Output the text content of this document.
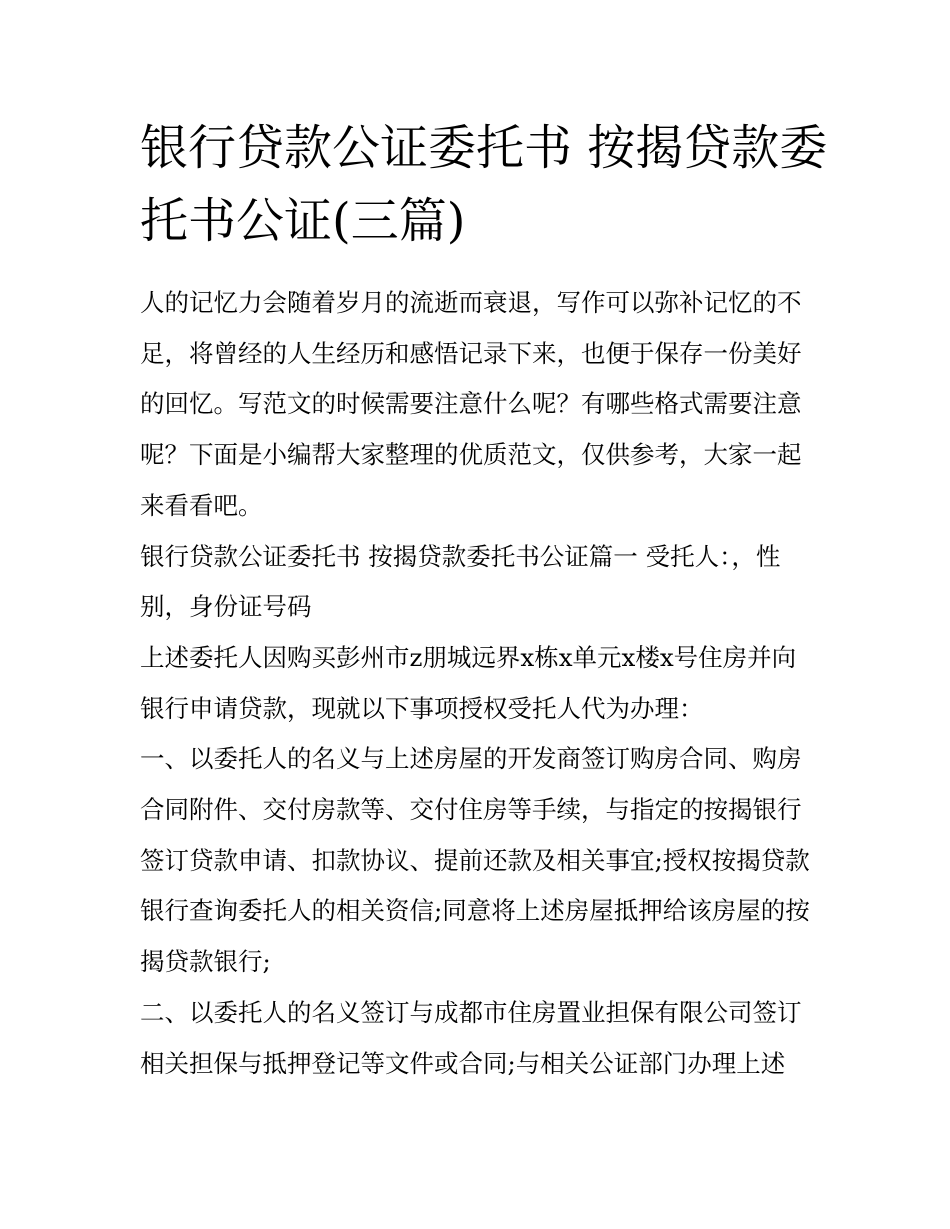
银行贷款公证委托书 按揭贷款委托书公证(三篇)

人的记忆力会随着岁月的流逝而衰退，写作可以弥补记忆的不足，将曾经的人生经历和感悟记录下来，也便于保存一份美好的回忆。写范文的时候需要注意什么呢？有哪些格式需要注意呢？下面是小编帮大家整理的优质范文，仅供参考，大家一起来看看吧。

银行贷款公证委托书 按揭贷款委托书公证篇一 受托人：，性别，身份证号码

上述委托人因购买彭州市z朋城远界x栋x单元x楼x号住房并向银行申请贷款，现就以下事项授权受托人代为办理：

一、以委托人的名义与上述房屋的开发商签订购房合同、购房合同附件、交付房款等、交付住房等手续，与指定的按揭银行签订贷款申请、扣款协议、提前还款及相关事宜;授权按揭贷款银行查询委托人的相关资信;同意将上述房屋抵押给该房屋的按揭贷款银行;

二、以委托人的名义签订与成都市住房置业担保有限公司签订相关担保与抵押登记等文件或合同;与相关公证部门办理上述
